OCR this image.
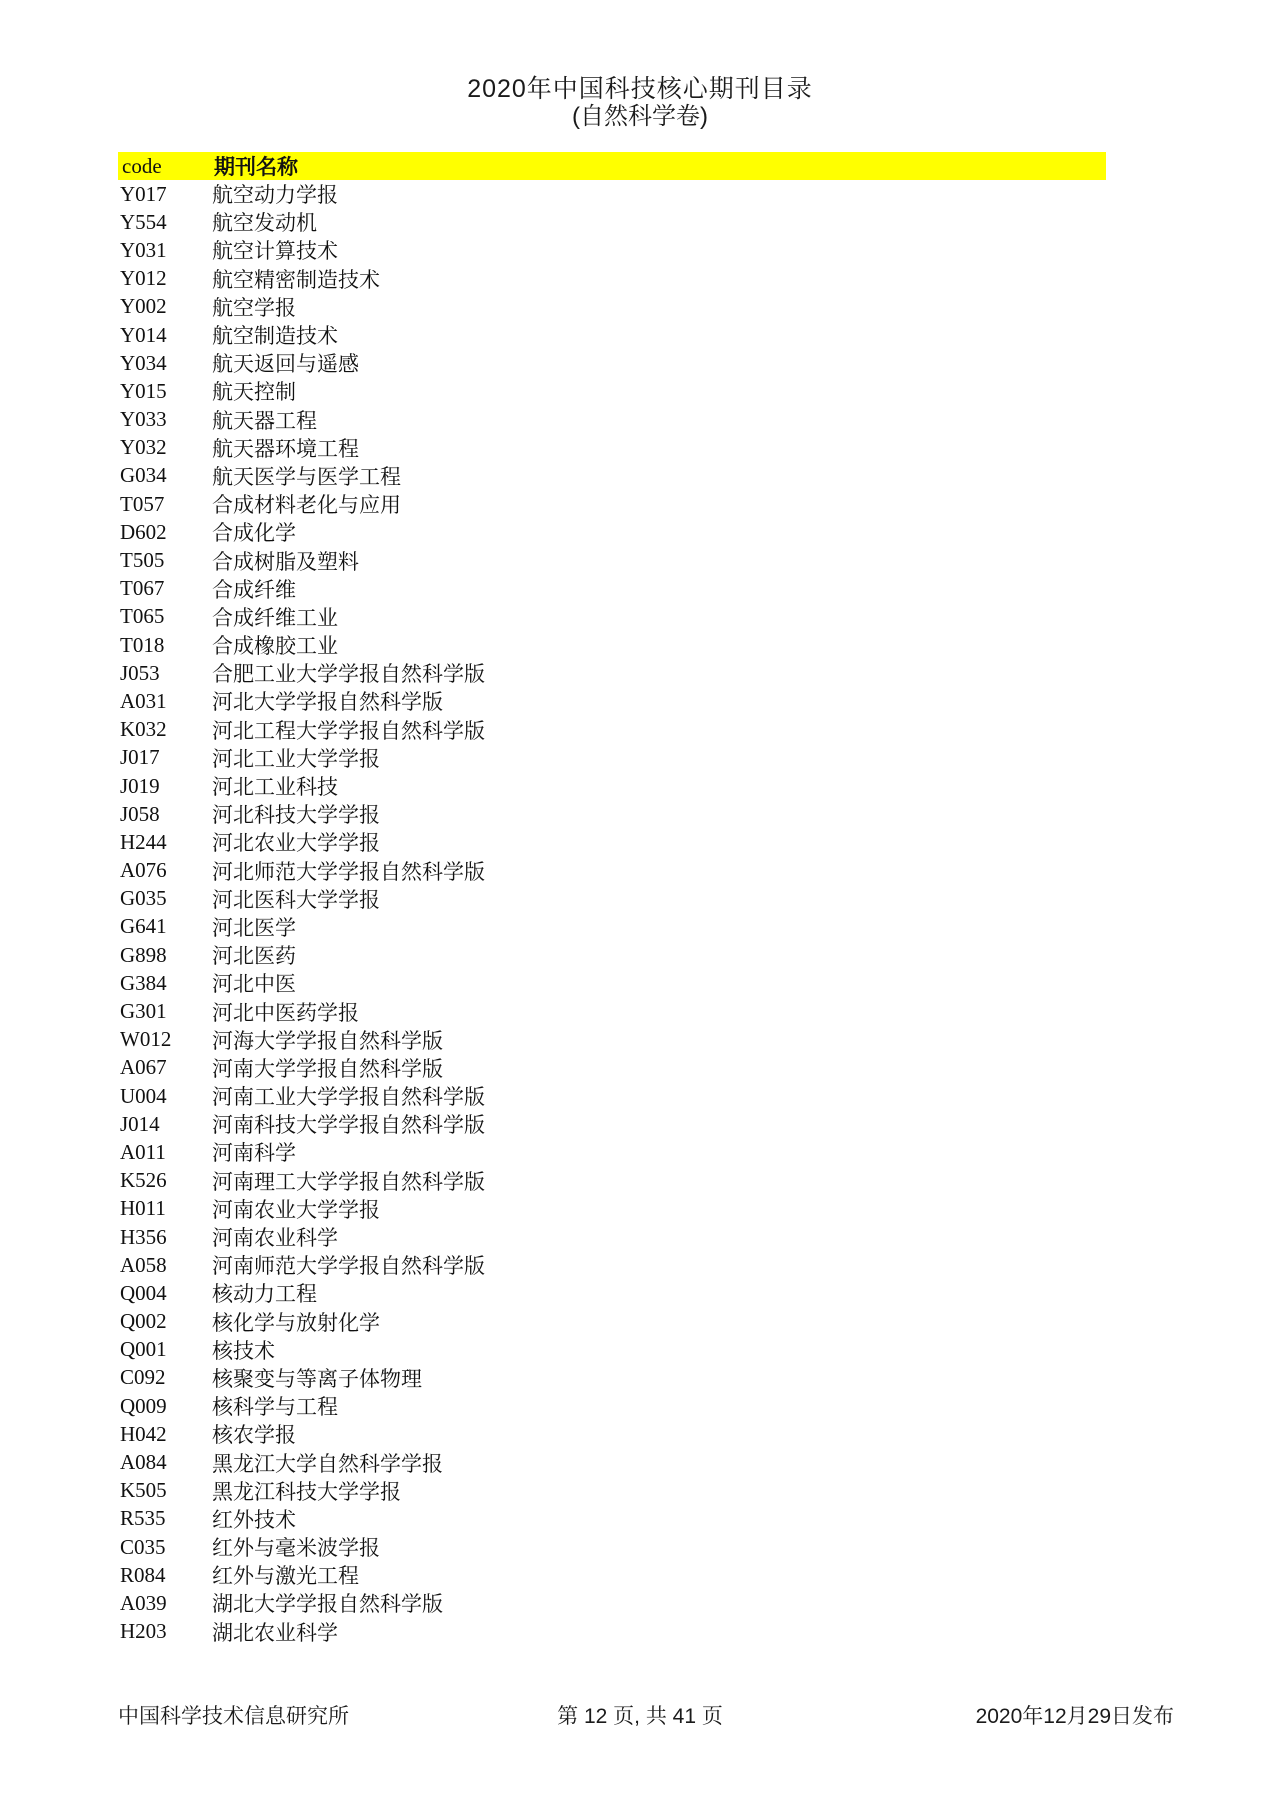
2020年中国科技核心期刊目录
(自然科学卷)
code	期刊名称
Y017	航空动力学报
Y554	航空发动机
Y031	航空计算技术
Y012	航空精密制造技术
Y002	航空学报
Y014	航空制造技术
Y034	航天返回与遥感
Y015	航天控制
Y033	航天器工程
Y032	航天器环境工程
G034	航天医学与医学工程
T057	合成材料老化与应用
D602	合成化学
T505	合成树脂及塑料
T067	合成纤维
T065	合成纤维工业
T018	合成橡胶工业
J053	合肥工业大学学报自然科学版
A031	河北大学学报自然科学版
K032	河北工程大学学报自然科学版
J017	河北工业大学学报
J019	河北工业科技
J058	河北科技大学学报
H244	河北农业大学学报
A076	河北师范大学学报自然科学版
G035	河北医科大学学报
G641	河北医学
G898	河北医药
G384	河北中医
G301	河北中医药学报
W012	河海大学学报自然科学版
A067	河南大学学报自然科学版
U004	河南工业大学学报自然科学版
J014	河南科技大学学报自然科学版
A011	河南科学
K526	河南理工大学学报自然科学版
H011	河南农业大学学报
H356	河南农业科学
A058	河南师范大学学报自然科学版
Q004	核动力工程
Q002	核化学与放射化学
Q001	核技术
C092	核聚变与等离子体物理
Q009	核科学与工程
H042	核农学报
A084	黑龙江大学自然科学学报
K505	黑龙江科技大学学报
R535	红外技术
C035	红外与毫米波学报
R084	红外与激光工程
A039	湖北大学学报自然科学版
H203	湖北农业科学
第 12 页, 共 41 页
中国科学技术信息研究所	2020年12月29日发布
